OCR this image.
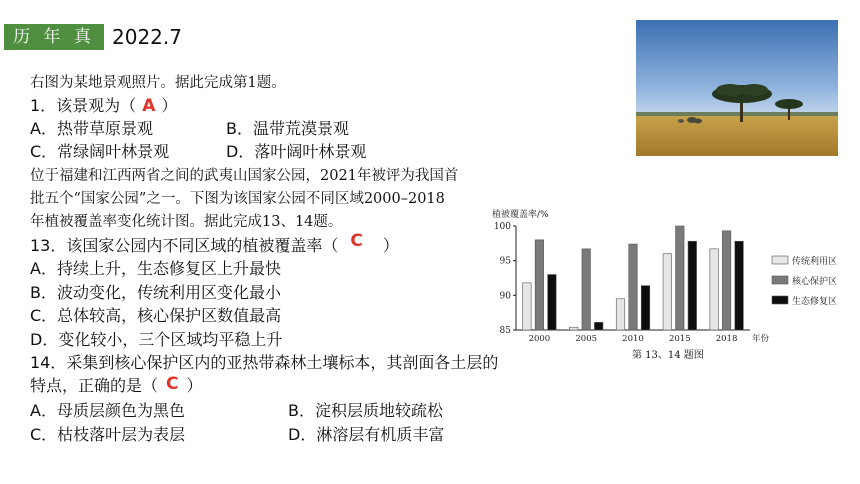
历 年 真 题
2022.7
右图为某地景观照片。据此完成第1题。
1．该景观为（ A ）
A．热带草原景观	B．温带荒漠景观
C．常绿阔叶林景观	D．落叶阔叶林景观
位于福建和江西两省之间的武夷山国家公园，2021年被评为我国首
批五个“国家公园”之一。下图为该国家公园不同区域2000–2018
年植被覆盖率变化统计图。据此完成13、14题。
13．该国家公园内不同区域的植被覆盖率（ C ）
A．持续上升，生态修复区上升最快
B．波动变化，传统利用区变化最小
C．总体较高，核心保护区数值最高
D．变化较小，三个区域均平稳上升
14．采集到核心保护区内的亚热带森林土壤标本，其剖面各土层的
特点，正确的是（ C ）
A．母质层颜色为黑色	B．淀积层质地较疏松
C．枯枝落叶层为表层	D．淋溶层有机质丰富
85
90
95
100
植被覆盖率/%
2000	2005	2010	2015	2018 年份
传统利用区
核心保护区
生态修复区
第 13、14 题图
